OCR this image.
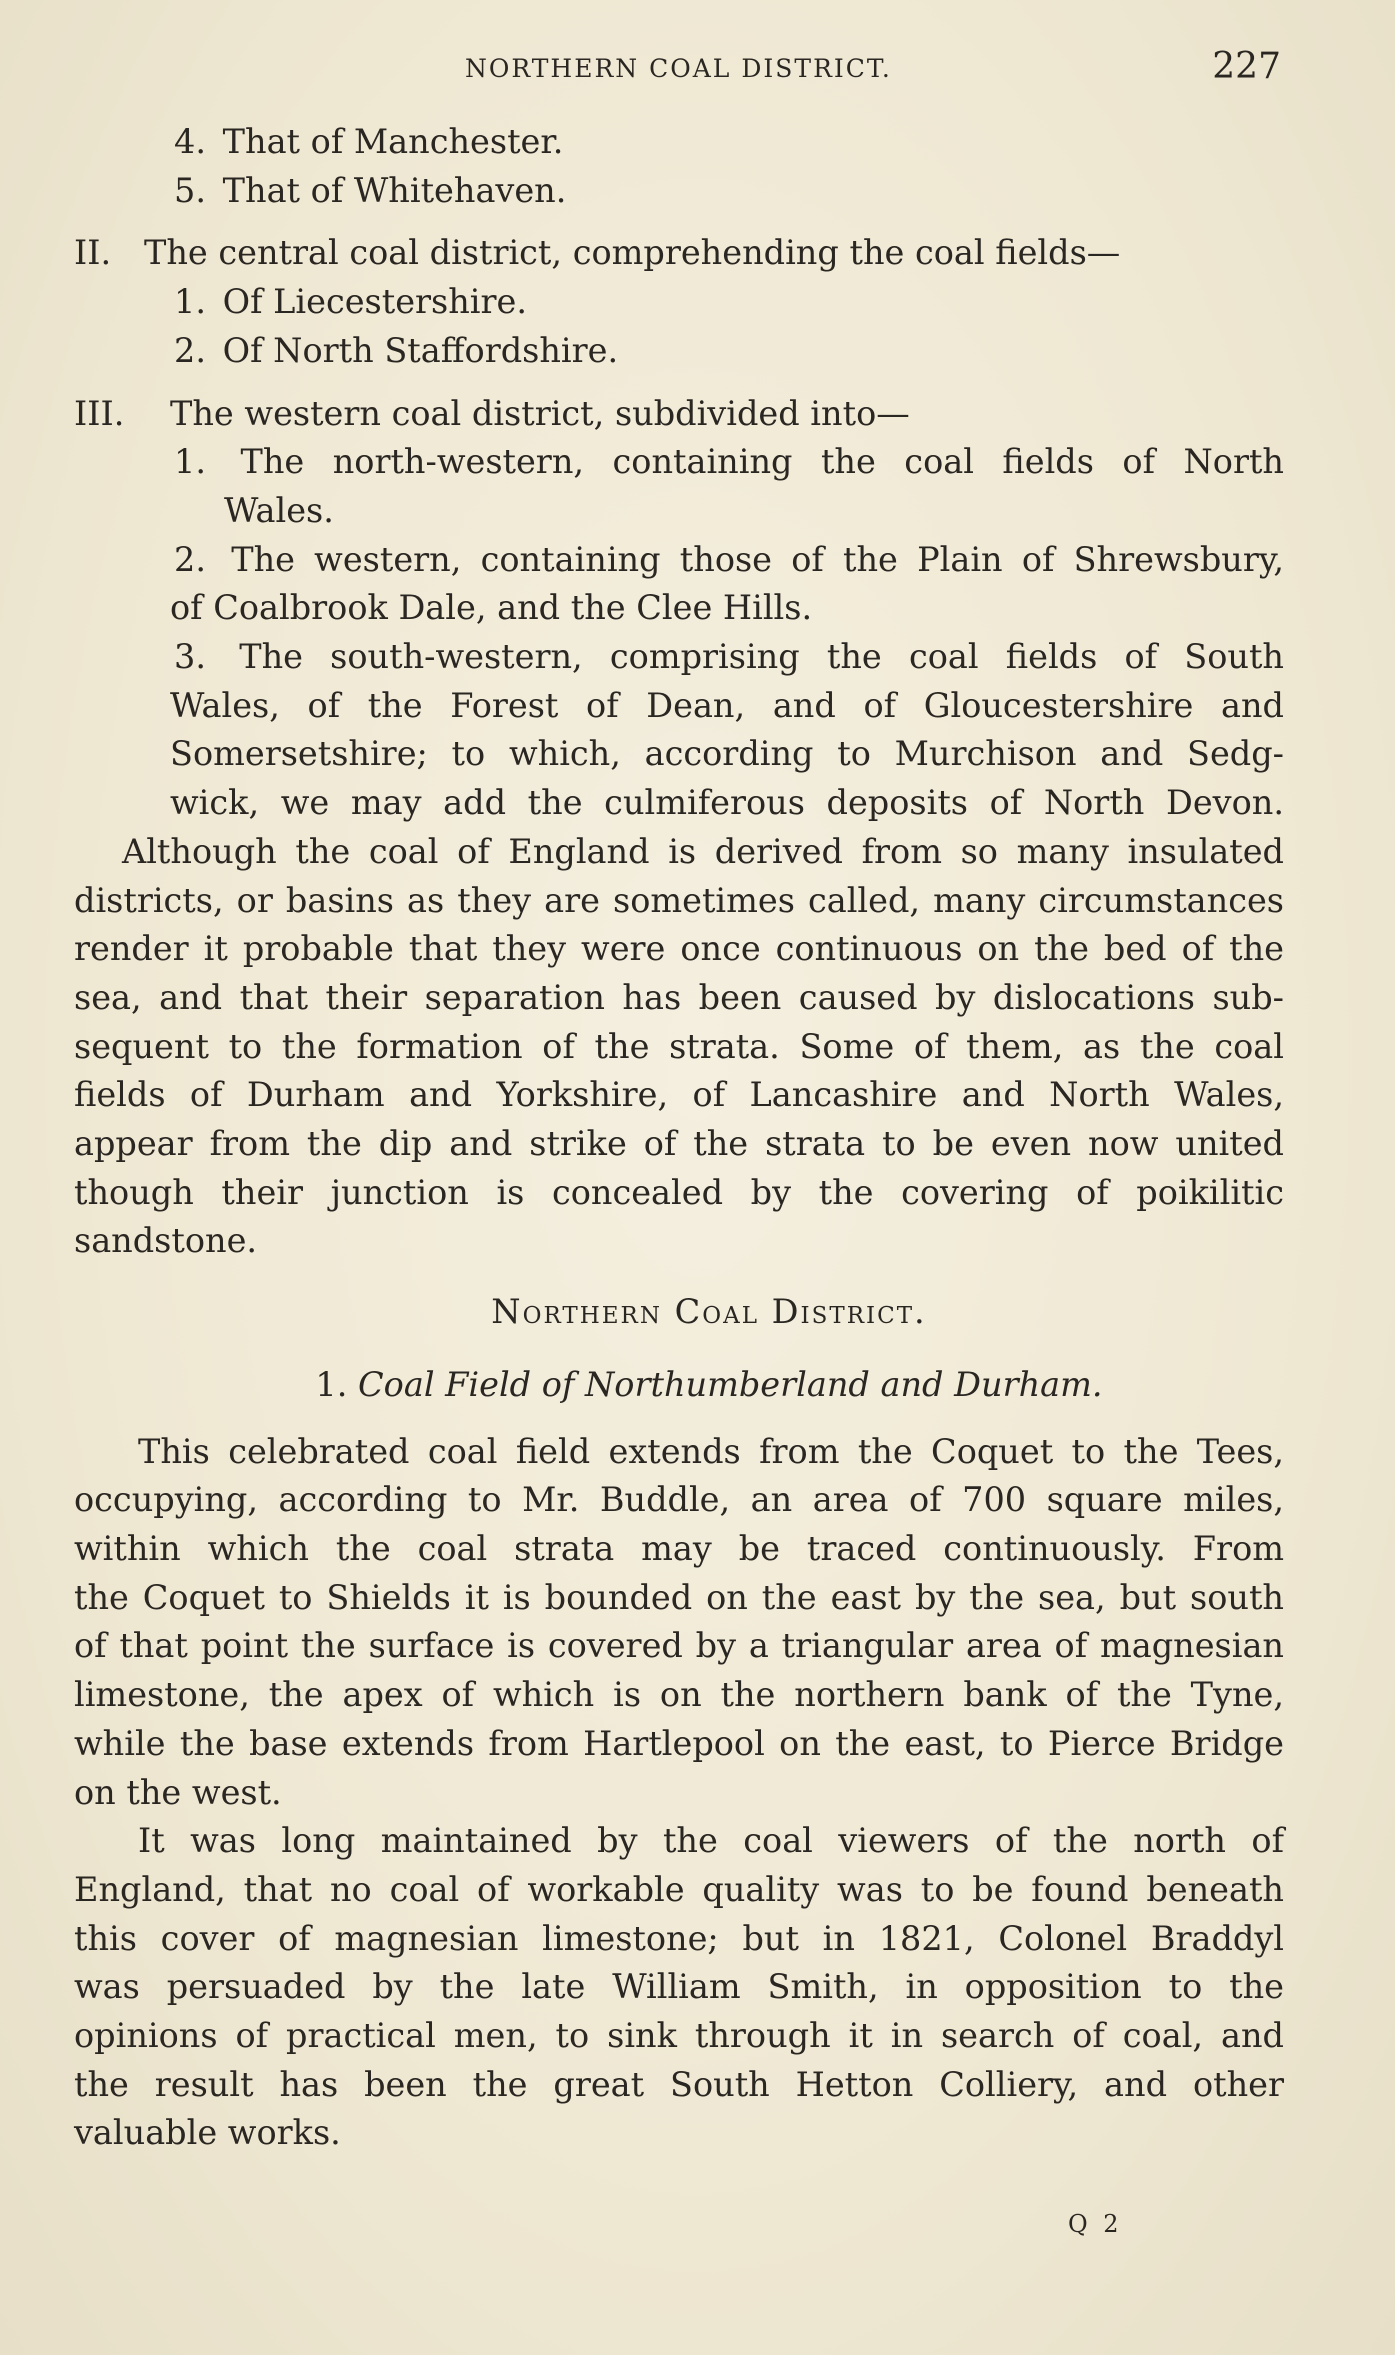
NORTHERN COAL DISTRICT.	227
4. That of Manchester.
5. That of Whitehaven.
II. The central coal district, comprehending the coal fields—
1. Of Liecestershire.
2. Of North Staffordshire.
III. The western coal district, subdivided into—
1. The north-western, containing the coal fields of North
Wales.
2. The western, containing those of the Plain of Shrewsbury,
of Coalbrook Dale, and the Clee Hills.
3. The south-western, comprising the coal fields of South
Wales, of the Forest of Dean, and of Gloucestershire and
Somersetshire; to which, according to Murchison and Sedg-
wick, we may add the culmiferous deposits of North Devon.
Although the coal of England is derived from so many insulated
districts, or basins as they are sometimes called, many circumstances
render it probable that they were once continuous on the bed of the
sea, and that their separation has been caused by dislocations sub-
sequent to the formation of the strata. Some of them, as the coal
fields of Durham and Yorkshire, of Lancashire and North Wales,
appear from the dip and strike of the strata to be even now united
though their junction is concealed by the covering of poikilitic
sandstone.
Northern Coal District.
1. Coal Field of Northumberland and Durham.
This celebrated coal field extends from the Coquet to the Tees,
occupying, according to Mr. Buddle, an area of 700 square miles,
within which the coal strata may be traced continuously. From
the Coquet to Shields it is bounded on the east by the sea, but south
of that point the surface is covered by a triangular area of magnesian
limestone, the apex of which is on the northern bank of the Tyne,
while the base extends from Hartlepool on the east, to Pierce Bridge
on the west.
It was long maintained by the coal viewers of the north of
England, that no coal of workable quality was to be found beneath
this cover of magnesian limestone; but in 1821, Colonel Braddyl
was persuaded by the late William Smith, in opposition to the
opinions of practical men, to sink through it in search of coal, and
the result has been the great South Hetton Colliery, and other
valuable works.
Q 2
